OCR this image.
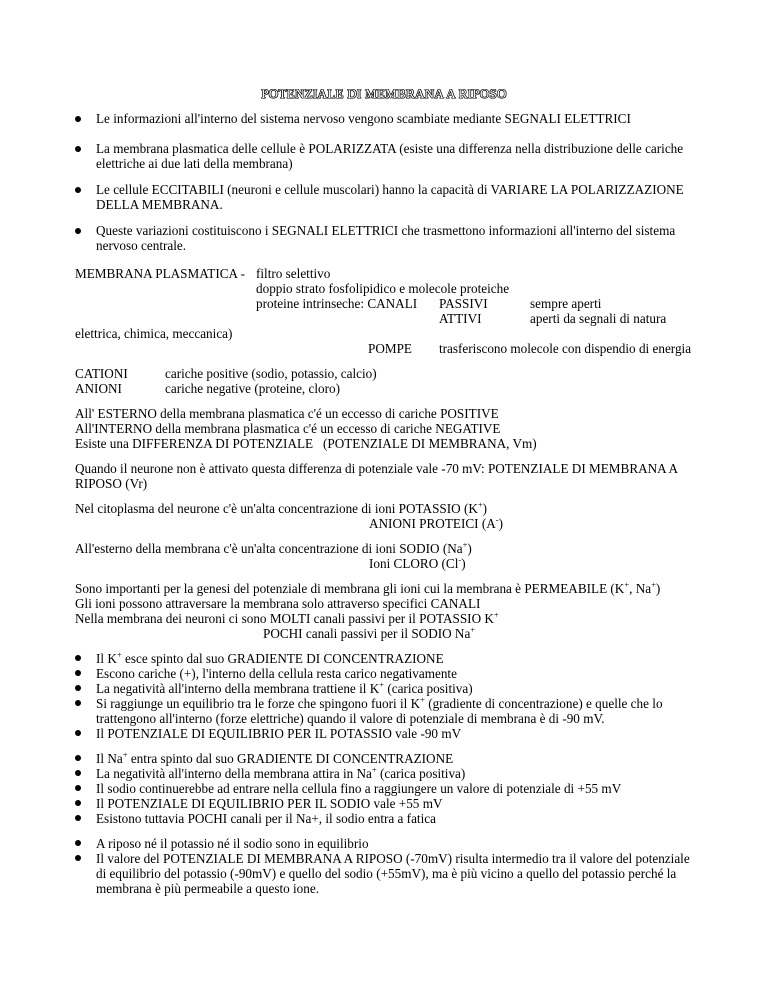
POTENZIALE DI MEMBRANA A RIPOSO
Le informazioni all'interno del sistema nervoso vengono scambiate mediante SEGNALI ELETTRICI
La membrana plasmatica delle cellule è POLARIZZATA (esiste una differenza nella distribuzione delle cariche elettriche ai due lati della membrana)
Le cellule ECCITABILI (neuroni e cellule muscolari) hanno la capacità di VARIARE LA POLARIZZAZIONE DELLA MEMBRANA.
Queste variazioni costituiscono i SEGNALI ELETTRICI che trasmettono informazioni all'interno del sistema nervoso centrale.
MEMBRANA PLASMATICA - filtro selettivo
doppio strato fosfolipidico e molecole proteiche
proteine intrinseche: CANALI PASSIVI	sempre aperti
ATTIVI	aperti da segnali di natura
elettrica, chimica, meccanica)
POMPE trasferiscono molecole con dispendio di energia
CATIONI	cariche positive (sodio, potassio, calcio)
ANIONI	cariche negative (proteine, cloro)
All' ESTERNO della membrana plasmatica c'é un eccesso di cariche POSITIVE
All'INTERNO della membrana plasmatica c'é un eccesso di cariche NEGATIVE
Esiste una DIFFERENZA DI POTENZIALE   (POTENZIALE DI MEMBRANA, Vm)
Quando il neurone non è attivato questa differenza di potenziale vale -70 mV: POTENZIALE DI MEMBRANA A
RIPOSO (Vr)
Nel citoplasma del neurone c'è un'alta concentrazione di ioni POTASSIO (K+)
ANIONI PROTEICI (A-)
All'esterno della membrana c'è un'alta concentrazione di ioni SODIO (Na+)
Ioni CLORO (Cl-)
Sono importanti per la genesi del potenziale di membrana gli ioni cui la membrana è PERMEABILE (K+, Na+)
Gli ioni possono attraversare la membrana solo attraverso specifici CANALI
Nella membrana dei neuroni ci sono MOLTI canali passivi per il POTASSIO K+
POCHI canali passivi per il SODIO Na+
Il K+ esce spinto dal suo GRADIENTE DI CONCENTRAZIONE
Escono cariche (+), l'interno della cellula resta carico negativamente
La negatività all'interno della membrana trattiene il K+ (carica positiva)
Si raggiunge un equilibrio tra le forze che spingono fuori il K+ (gradiente di concentrazione) e quelle che lo
trattengono all'interno (forze elettriche) quando il valore di potenziale di membrana è di -90 mV.
Il POTENZIALE DI EQUILIBRIO PER IL POTASSIO vale -90 mV
Il Na+ entra spinto dal suo GRADIENTE DI CONCENTRAZIONE
La negatività all'interno della membrana attira in Na+ (carica positiva)
Il sodio continuerebbe ad entrare nella cellula fino a raggiungere un valore di potenziale di +55 mV
Il POTENZIALE DI EQUILIBRIO PER IL SODIO vale +55 mV
Esistono tuttavia POCHI canali per il Na+, il sodio entra a fatica
A riposo né il potassio né il sodio sono in equilibrio
Il valore del POTENZIALE DI MEMBRANA A RIPOSO (-70mV) risulta intermedio tra il valore del potenziale
di equilibrio del potassio (-90mV) e quello del sodio (+55mV), ma è più vicino a quello del potassio perché la
membrana è più permeabile a questo ione.
